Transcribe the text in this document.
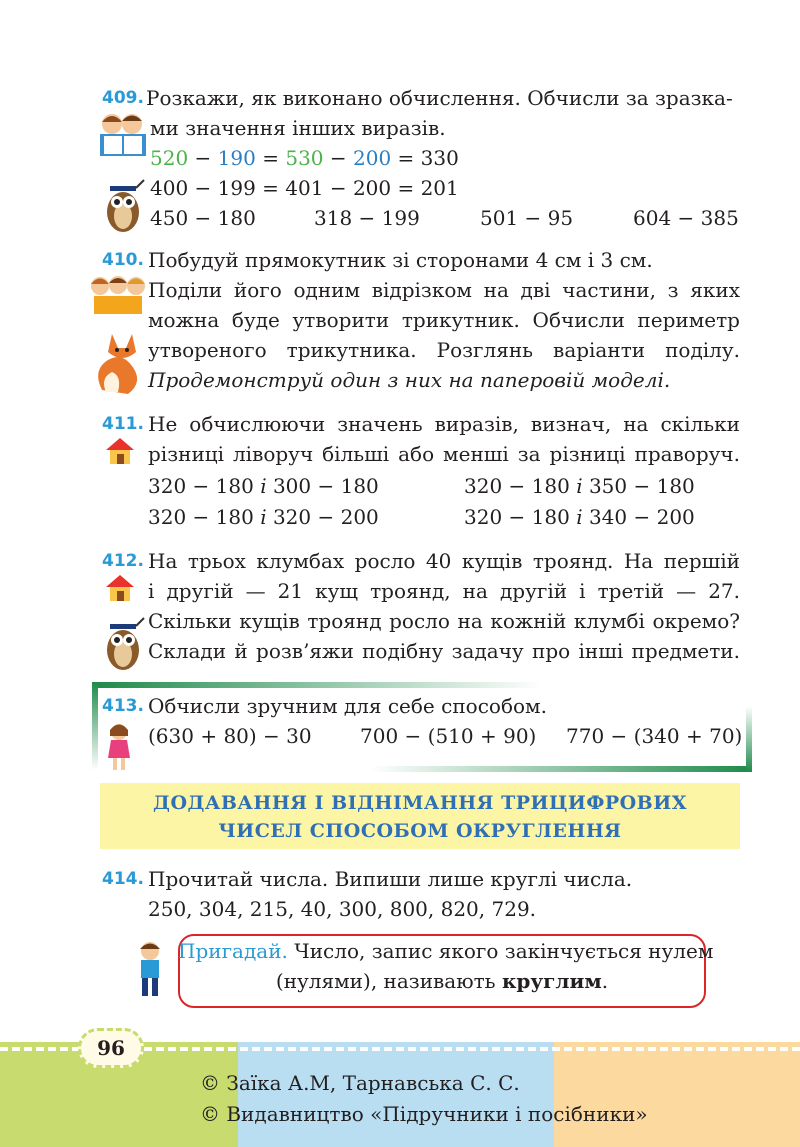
409. Розкажи, як виконано обчислення. Обчисли за зразка-
ми значення інших виразів.
520 − 190 = 530 − 200 = 330
400 − 199 = 401 − 200 = 201
450 − 180	318 − 199	501 − 95	604 − 385
410. Побудуй прямокутник зі сторонами 4 см і 3 см.
Поділи його одним відрізком на дві частини, з яких
можна буде утворити трикутник. Обчисли периметр
утвореного трикутника. Розглянь варіанти поділу.
Продемонструй один з них на паперовій моделі.
411. Не обчислюючи значень виразів, визнач, на скільки
різниці ліворуч більші або менші за різниці праворуч.
320 − 180 і 300 − 180	320 − 180 і 350 − 180
320 − 180 і 320 − 200	320 − 180 і 340 − 200
412. На трьох клумбах росло 40 кущів троянд. На першій
і другій — 21 кущ троянд, на другій і третій — 27.
Скільки кущів троянд росло на кожній клумбі окремо?
Склади й розв’яжи подібну задачу про інші предмети.
413. Обчисли зручним для себе способом.
(630 + 80) − 30 700 − (510 + 90) 770 − (340 + 70)
ДОДАВАННЯ І ВІДНІМАННЯ ТРИЦИФРОВИХ
ЧИСЕЛ СПОСОБОМ ОКРУГЛЕННЯ
414. Прочитай числа. Випиши лише круглі числа.
250, 304, 215, 40, 300, 800, 820, 729.
Пригадай. Число, запис якого закінчується нулем
(нулями), називають круглим.
96
© Заїка А.М, Тарнавська С. С.
© Видавництво «Підручники і посібники»
